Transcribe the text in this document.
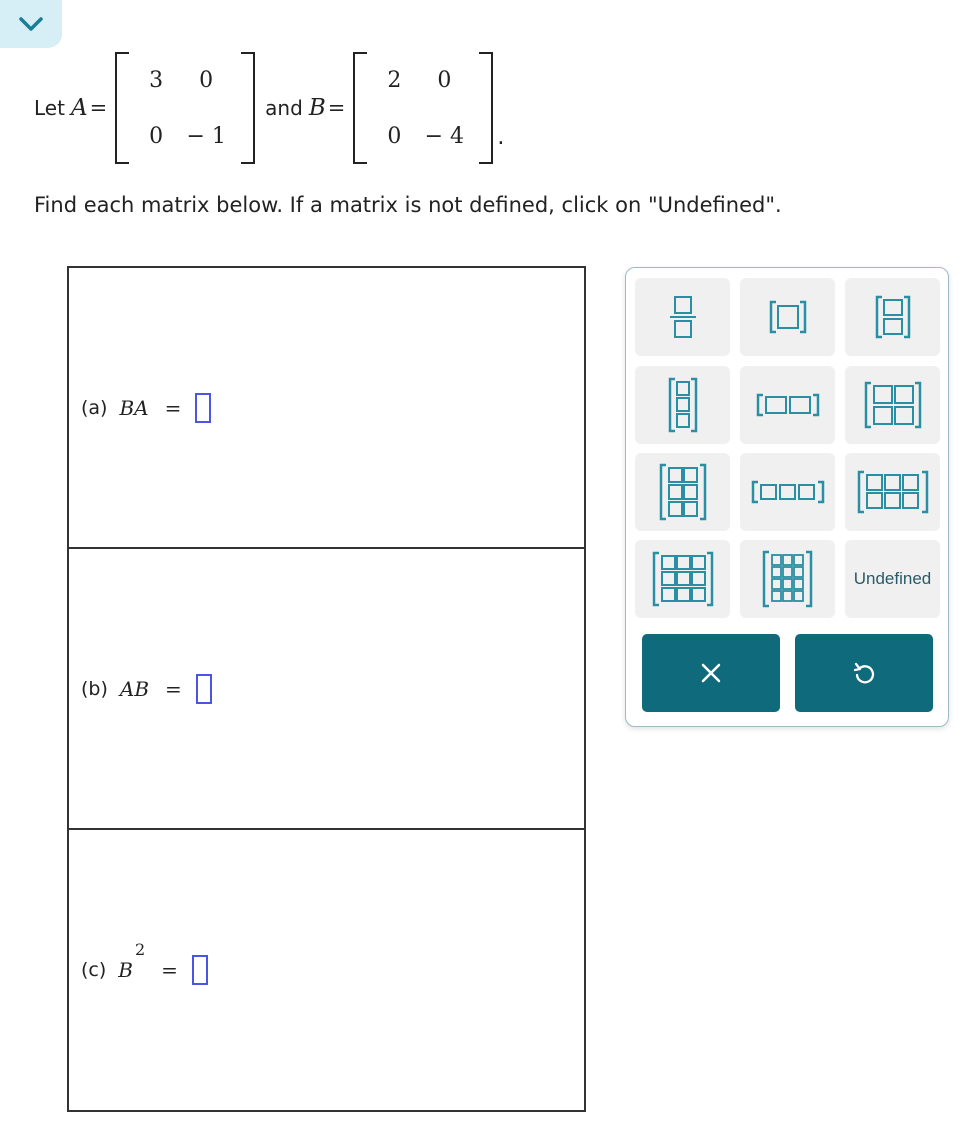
Let A =
3	0
0	− 1
and B =
2	0
0	− 4	.
Find each matrix below. If a matrix is not defined, click on "Undefined".
(a) BA =
(b) AB =
(c) $B^2$
=
Undefined
